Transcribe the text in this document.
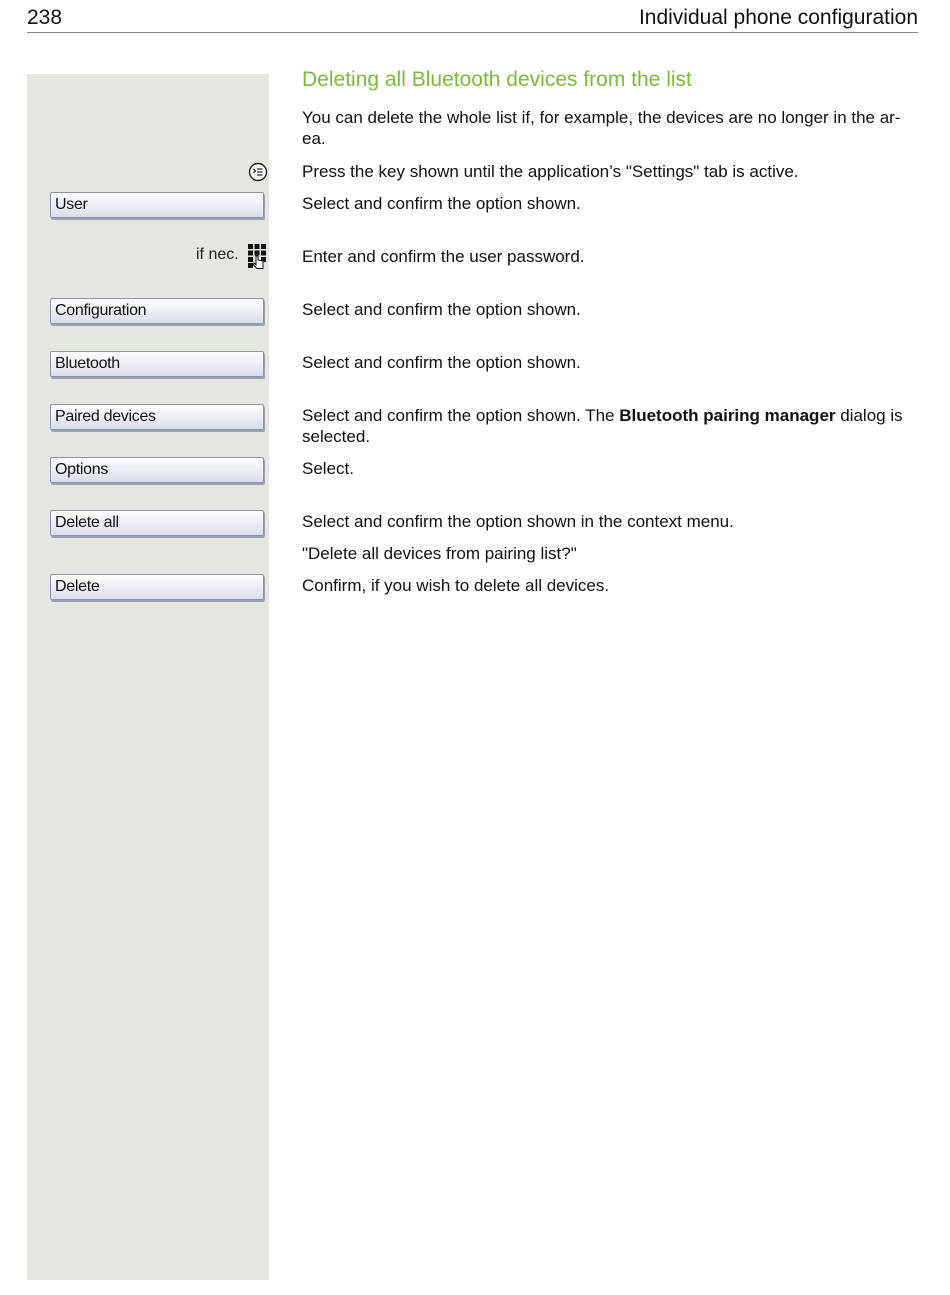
238	Individual phone configuration
User
if nec.
Configuration
Bluetooth
Paired devices
Options
Delete all
Delete
Deleting all Bluetooth devices from the list
You can delete the whole list if, for example, the devices are no longer in the ar-
ea.
Press the key shown until the application’s "Settings" tab is active.
Select and confirm the option shown.
Enter and confirm the user password.
Select and confirm the option shown.
Select and confirm the option shown.
Select and confirm the option shown. The Bluetooth pairing manager dialog is
selected.
Select.
Select and confirm the option shown in the context menu.
"Delete all devices from pairing list?"
Confirm, if you wish to delete all devices.
